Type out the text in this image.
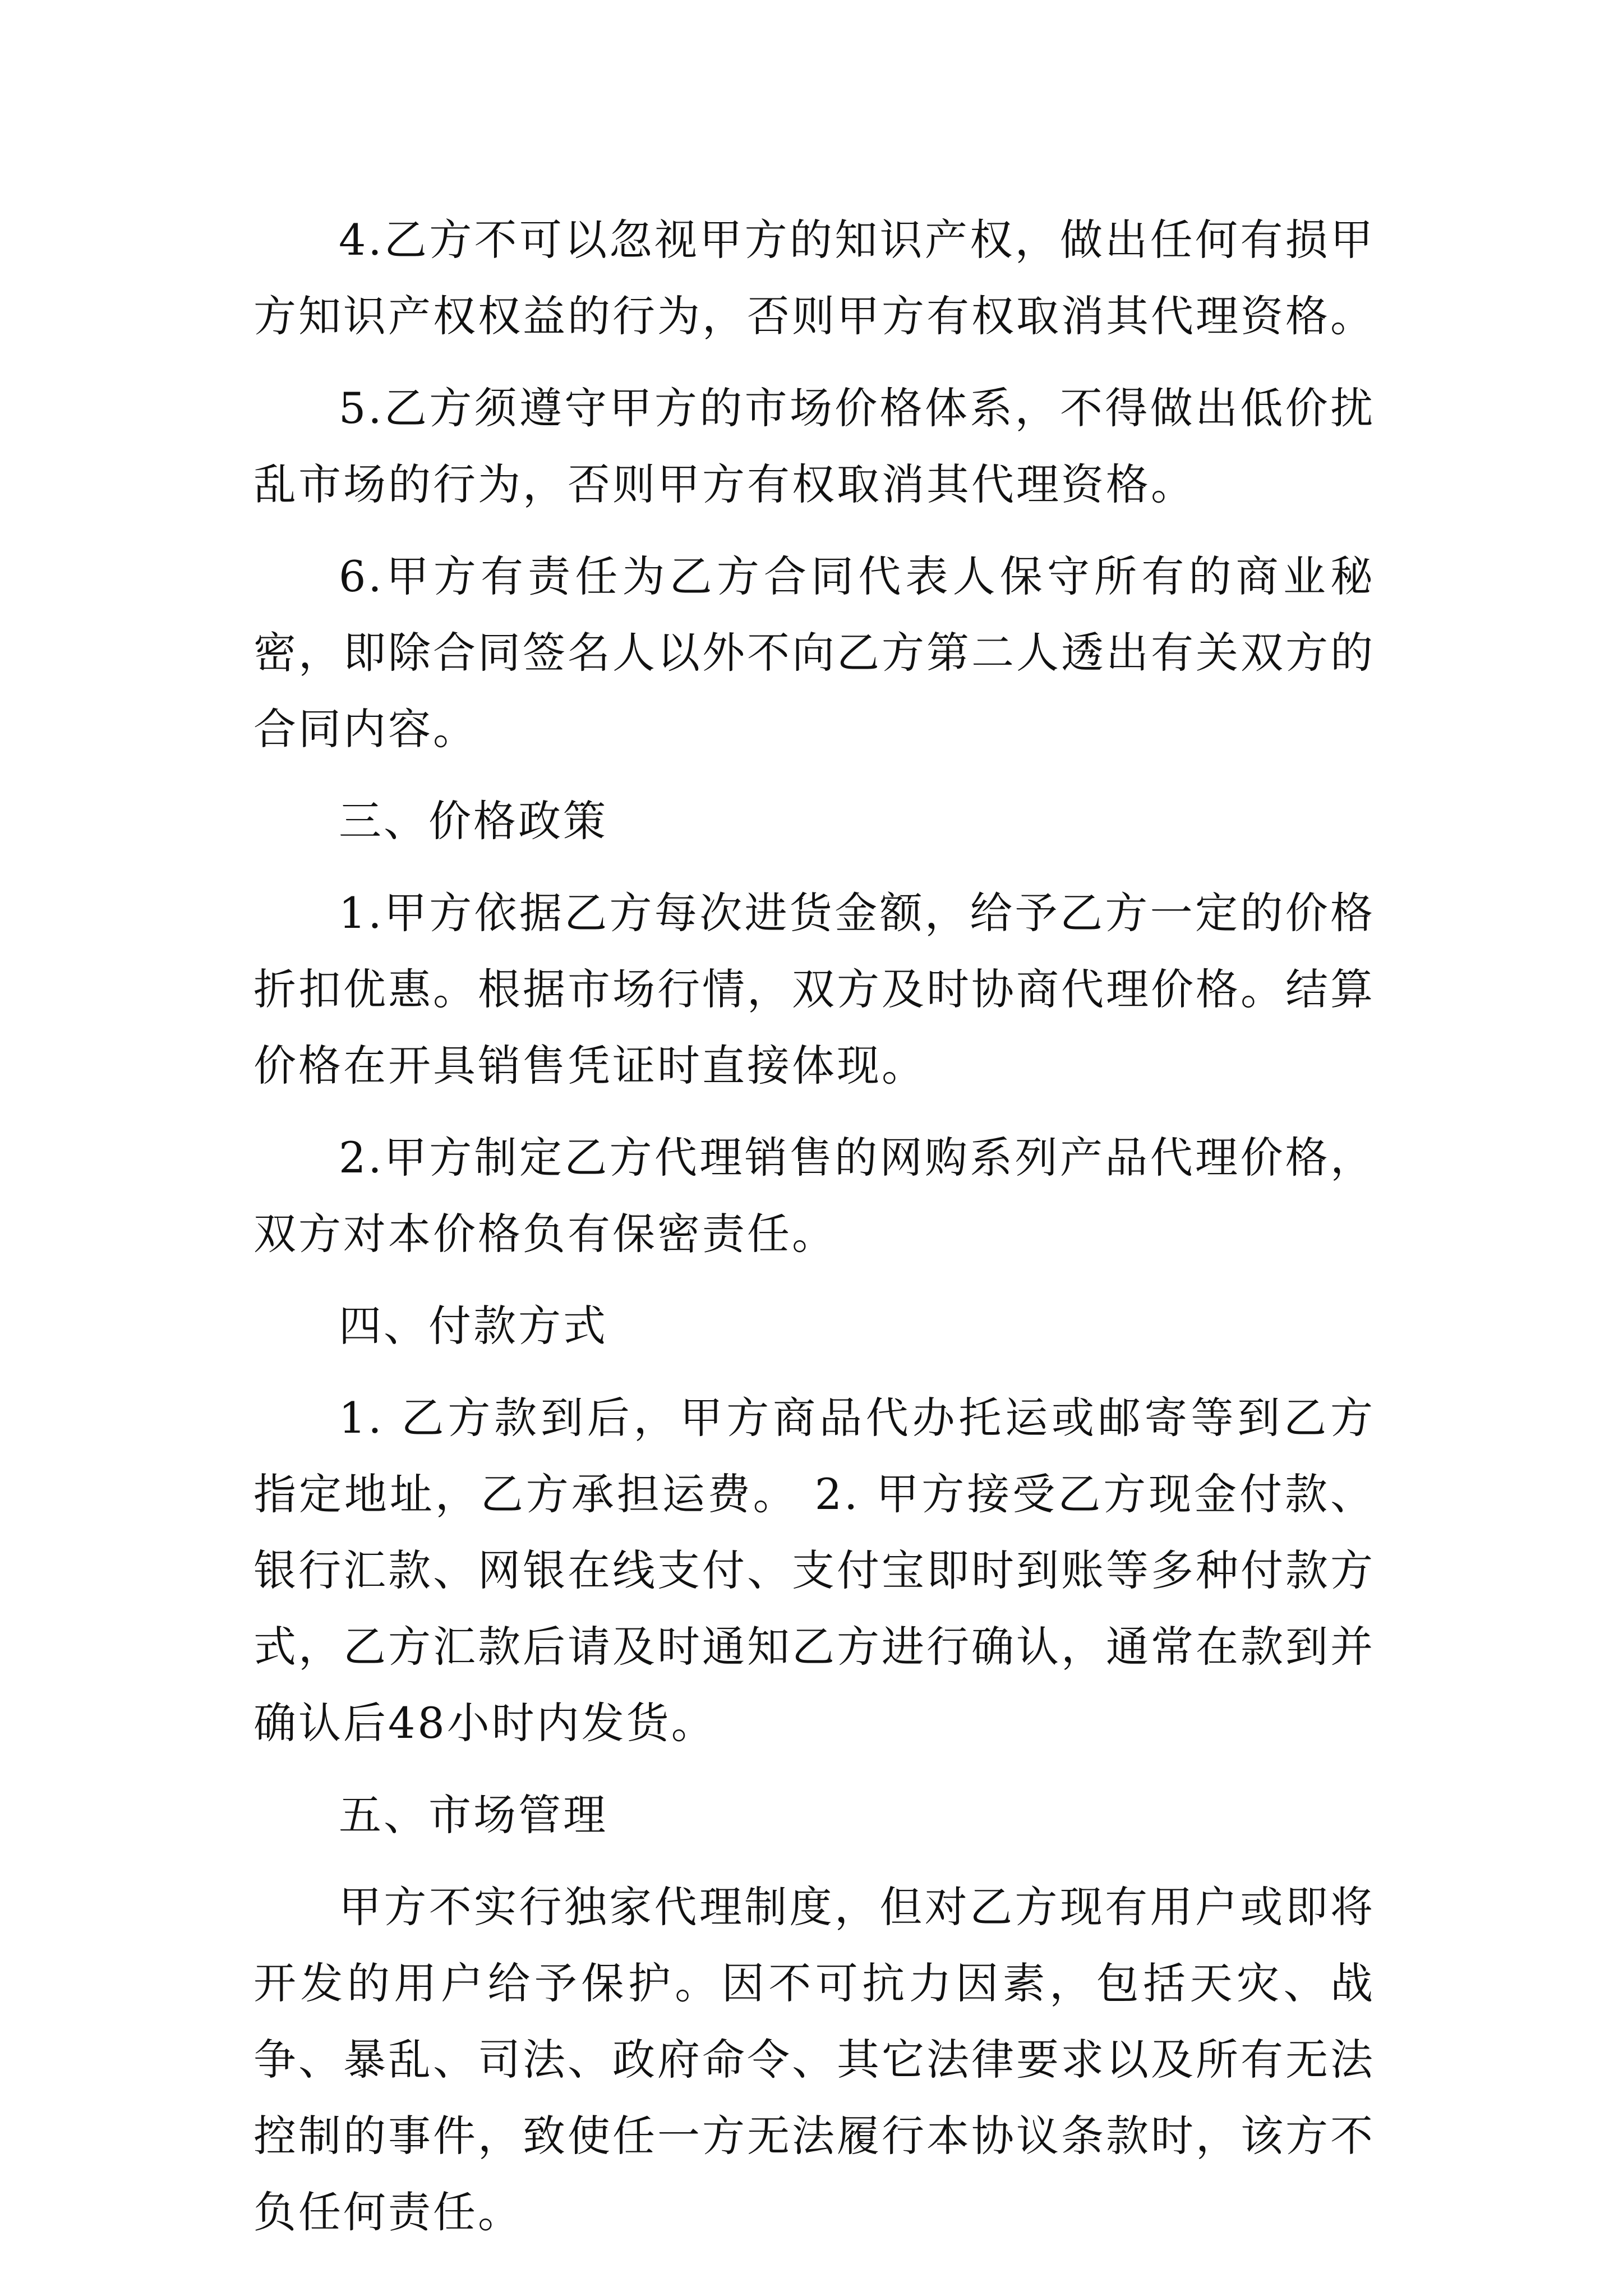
4.乙方不可以忽视甲方的知识产权，做出任何有损甲方知识产权权益的行为，否则甲方有权取消其代理资格。

5.乙方须遵守甲方的市场价格体系，不得做出低价扰乱市场的行为，否则甲方有权取消其代理资格。

6.甲方有责任为乙方合同代表人保守所有的商业秘密，即除合同签名人以外不向乙方第二人透出有关双方的合同内容。

三、价格政策

1.甲方依据乙方每次进货金额，给予乙方一定的价格折扣优惠。根据市场行情，双方及时协商代理价格。结算价格在开具销售凭证时直接体现。

2.甲方制定乙方代理销售的网购系列产品代理价格，双方对本价格负有保密责任。

四、付款方式

1. 乙方款到后，甲方商品代办托运或邮寄等到乙方指定地址，乙方承担运费。 2. 甲方接受乙方现金付款、银行汇款、网银在线支付、支付宝即时到账等多种付款方式，乙方汇款后请及时通知乙方进行确认，通常在款到并确认后48小时内发货。

五、市场管理

甲方不实行独家代理制度，但对乙方现有用户或即将开发的用户给予保护。因不可抗力因素，包括天灾、战争、暴乱、司法、政府命令、其它法律要求以及所有无法控制的事件，致使任一方无法履行本协议条款时，该方不负任何责任。
